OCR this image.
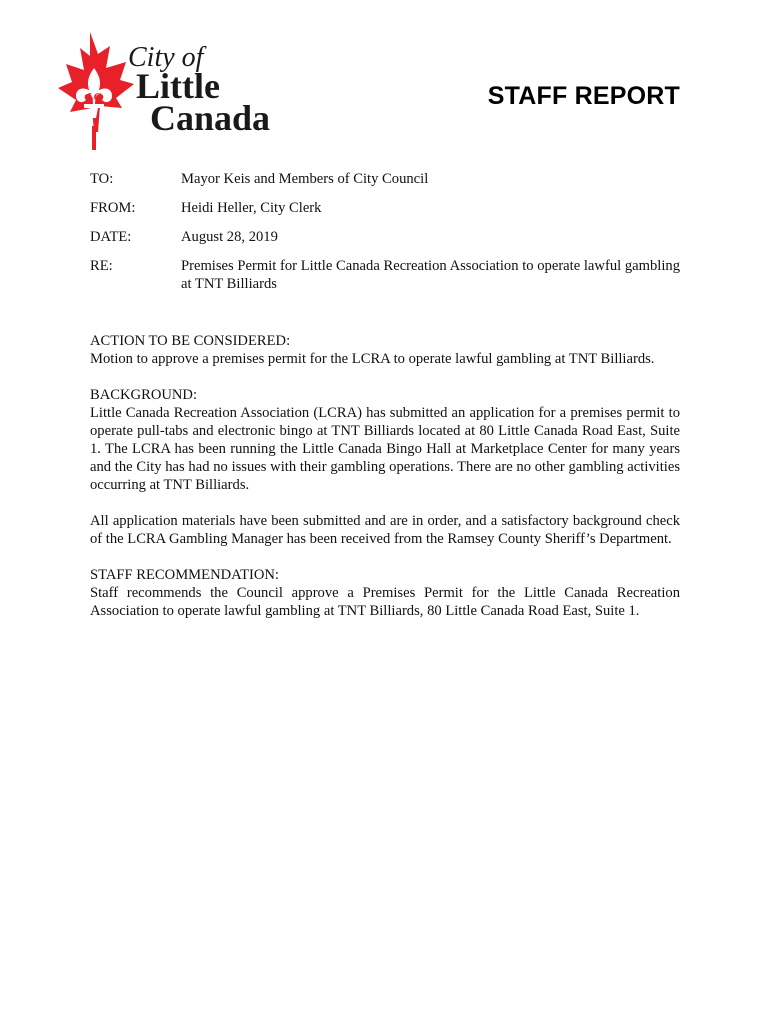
LC
City of
Little
Canada
STAFF REPORT
TO:	Mayor Keis and Members of City Council
FROM:	Heidi Heller, City Clerk
DATE:	August 28, 2019
RE:	Premises Permit for Little Canada Recreation Association to operate lawful gambling at TNT Billiards
ACTION TO BE CONSIDERED:

Motion to approve a premises permit for the LCRA to operate lawful gambling at TNT Billiards.

BACKGROUND:

Little Canada Recreation Association (LCRA) has submitted an application for a premises permit to operate pull-tabs and electronic bingo at TNT Billiards located at 80 Little Canada Road East, Suite 1. The LCRA has been running the Little Canada Bingo Hall at Marketplace Center for many years and the City has had no issues with their gambling operations. There are no other gambling activities occurring at TNT Billiards.

All application materials have been submitted and are in order, and a satisfactory background check of the LCRA Gambling Manager has been received from the Ramsey County Sheriff’s Department.

STAFF RECOMMENDATION:

Staff recommends the Council approve a Premises Permit for the Little Canada Recreation Association to operate lawful gambling at TNT Billiards, 80 Little Canada Road East, Suite 1.
